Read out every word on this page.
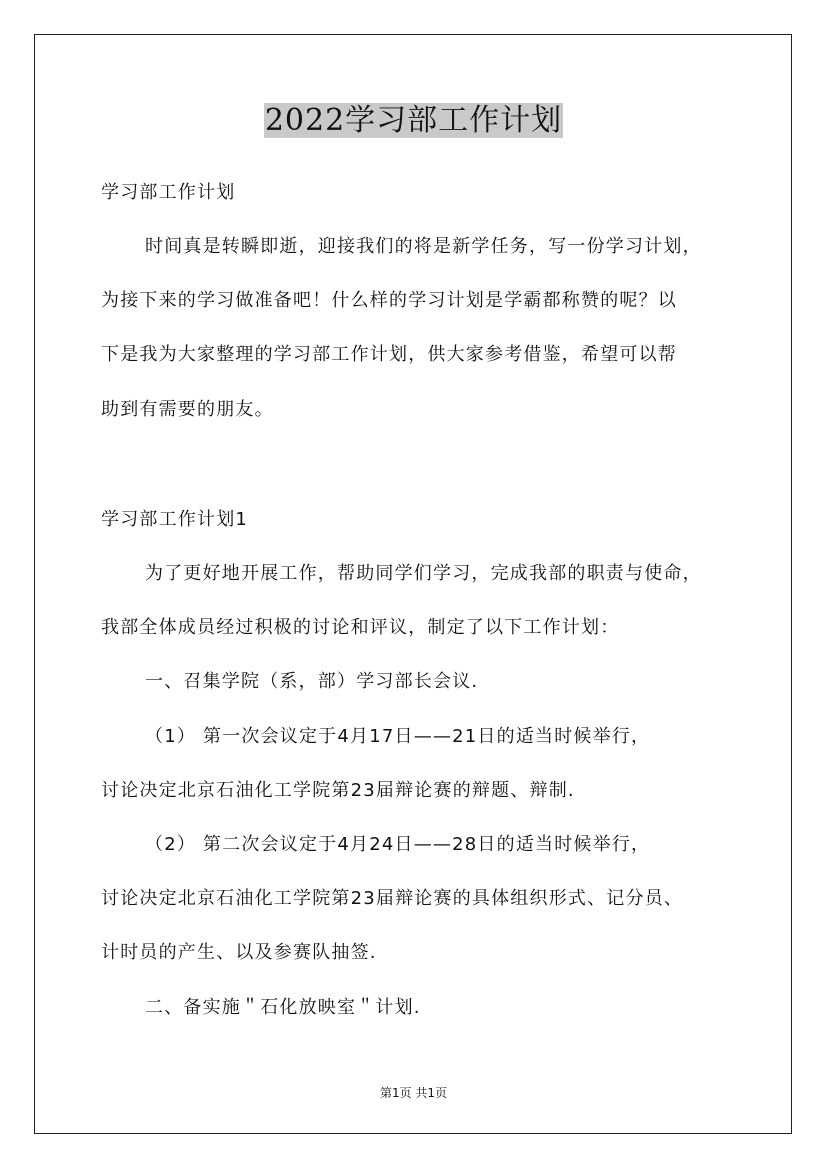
2022学习部工作计划
学习部工作计划
时间真是转瞬即逝，迎接我们的将是新学任务，写一份学习计划，
为接下来的学习做准备吧！什么样的学习计划是学霸都称赞的呢？以
下是我为大家整理的学习部工作计划，供大家参考借鉴，希望可以帮
助到有需要的朋友。
学习部工作计划1
为了更好地开展工作，帮助同学们学习，完成我部的职责与使命，
我部全体成员经过积极的讨论和评议，制定了以下工作计划：
一、召集学院（系，部）学习部长会议.
（1） 第一次会议定于4月17日——21日的适当时候举行，
讨论决定北京石油化工学院第23届辩论赛的辩题、辩制.
（2） 第二次会议定于4月24日——28日的适当时候举行，
讨论决定北京石油化工学院第23届辩论赛的具体组织形式、记分员、
计时员的产生、以及参赛队抽签.
二、备实施＂石化放映室＂计划.
第1页 共1页
